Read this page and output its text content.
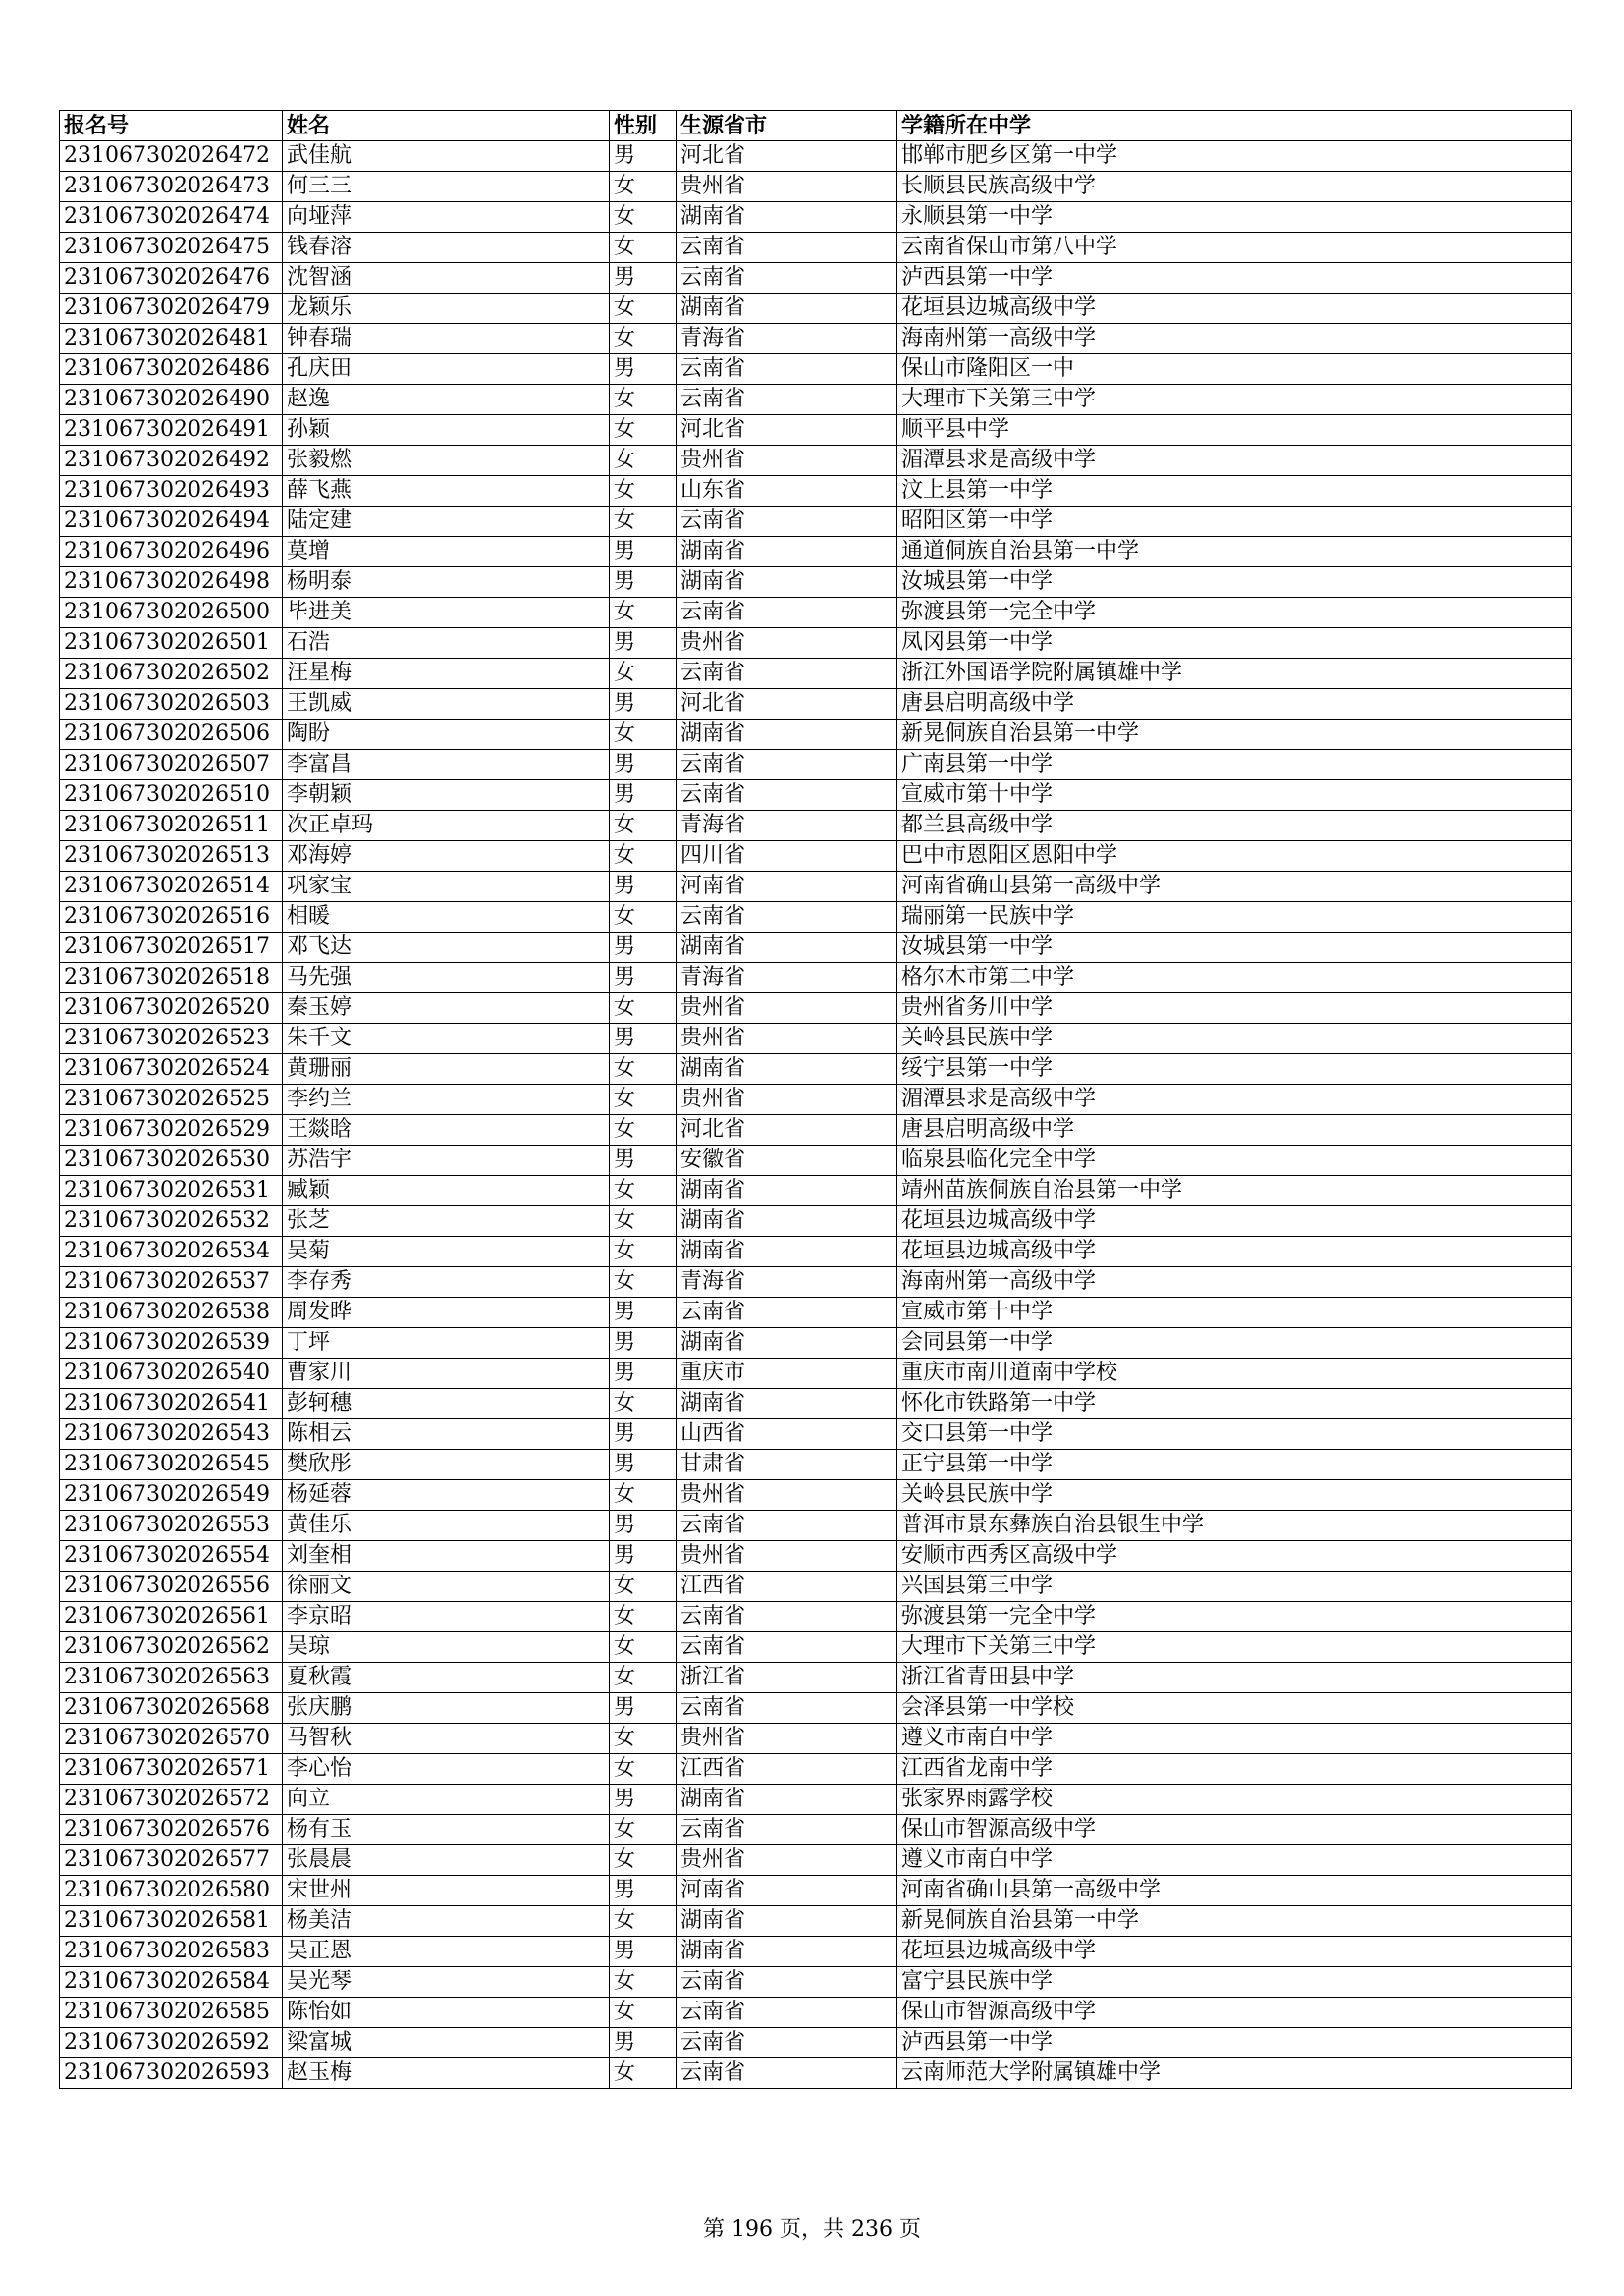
报名号	姓名	性别	生源省市	学籍所在中学
231067302026472	武佳航	男	河北省	邯郸市肥乡区第一中学
231067302026473	何三三	女	贵州省	长顺县民族高级中学
231067302026474	向垭萍	女	湖南省	永顺县第一中学
231067302026475	钱春溶	女	云南省	云南省保山市第八中学
231067302026476	沈智涵	男	云南省	泸西县第一中学
231067302026479	龙颖乐	女	湖南省	花垣县边城高级中学
231067302026481	钟春瑞	女	青海省	海南州第一高级中学
231067302026486	孔庆田	男	云南省	保山市隆阳区一中
231067302026490	赵逸	女	云南省	大理市下关第三中学
231067302026491	孙颖	女	河北省	顺平县中学
231067302026492	张毅燃	女	贵州省	湄潭县求是高级中学
231067302026493	薛飞燕	女	山东省	汶上县第一中学
231067302026494	陆定建	女	云南省	昭阳区第一中学
231067302026496	莫增	男	湖南省	通道侗族自治县第一中学
231067302026498	杨明泰	男	湖南省	汝城县第一中学
231067302026500	毕进美	女	云南省	弥渡县第一完全中学
231067302026501	石浩	男	贵州省	凤冈县第一中学
231067302026502	汪星梅	女	云南省	浙江外国语学院附属镇雄中学
231067302026503	王凯威	男	河北省	唐县启明高级中学
231067302026506	陶盼	女	湖南省	新晃侗族自治县第一中学
231067302026507	李富昌	男	云南省	广南县第一中学
231067302026510	李朝颖	男	云南省	宣威市第十中学
231067302026511	次正卓玛	女	青海省	都兰县高级中学
231067302026513	邓海婷	女	四川省	巴中市恩阳区恩阳中学
231067302026514	巩家宝	男	河南省	河南省确山县第一高级中学
231067302026516	相暖	女	云南省	瑞丽第一民族中学
231067302026517	邓飞达	男	湖南省	汝城县第一中学
231067302026518	马先强	男	青海省	格尔木市第二中学
231067302026520	秦玉婷	女	贵州省	贵州省务川中学
231067302026523	朱千文	男	贵州省	关岭县民族中学
231067302026524	黄珊丽	女	湖南省	绥宁县第一中学
231067302026525	李约兰	女	贵州省	湄潭县求是高级中学
231067302026529	王燚晗	女	河北省	唐县启明高级中学
231067302026530	苏浩宇	男	安徽省	临泉县临化完全中学
231067302026531	臧颖	女	湖南省	靖州苗族侗族自治县第一中学
231067302026532	张芝	女	湖南省	花垣县边城高级中学
231067302026534	吴菊	女	湖南省	花垣县边城高级中学
231067302026537	李存秀	女	青海省	海南州第一高级中学
231067302026538	周发晔	男	云南省	宣威市第十中学
231067302026539	丁坪	男	湖南省	会同县第一中学
231067302026540	曹家川	男	重庆市	重庆市南川道南中学校
231067302026541	彭轲穗	女	湖南省	怀化市铁路第一中学
231067302026543	陈相云	男	山西省	交口县第一中学
231067302026545	樊欣彤	男	甘肃省	正宁县第一中学
231067302026549	杨延蓉	女	贵州省	关岭县民族中学
231067302026553	黄佳乐	男	云南省	普洱市景东彝族自治县银生中学
231067302026554	刘奎相	男	贵州省	安顺市西秀区高级中学
231067302026556	徐丽文	女	江西省	兴国县第三中学
231067302026561	李京昭	女	云南省	弥渡县第一完全中学
231067302026562	吴琼	女	云南省	大理市下关第三中学
231067302026563	夏秋霞	女	浙江省	浙江省青田县中学
231067302026568	张庆鹏	男	云南省	会泽县第一中学校
231067302026570	马智秋	女	贵州省	遵义市南白中学
231067302026571	李心怡	女	江西省	江西省龙南中学
231067302026572	向立	男	湖南省	张家界雨露学校
231067302026576	杨有玉	女	云南省	保山市智源高级中学
231067302026577	张晨晨	女	贵州省	遵义市南白中学
231067302026580	宋世州	男	河南省	河南省确山县第一高级中学
231067302026581	杨美洁	女	湖南省	新晃侗族自治县第一中学
231067302026583	吴正恩	男	湖南省	花垣县边城高级中学
231067302026584	吴光琴	女	云南省	富宁县民族中学
231067302026585	陈怡如	女	云南省	保山市智源高级中学
231067302026592	梁富城	男	云南省	泸西县第一中学
231067302026593	赵玉梅	女	云南省	云南师范大学附属镇雄中学
第 196 页，共 236 页
